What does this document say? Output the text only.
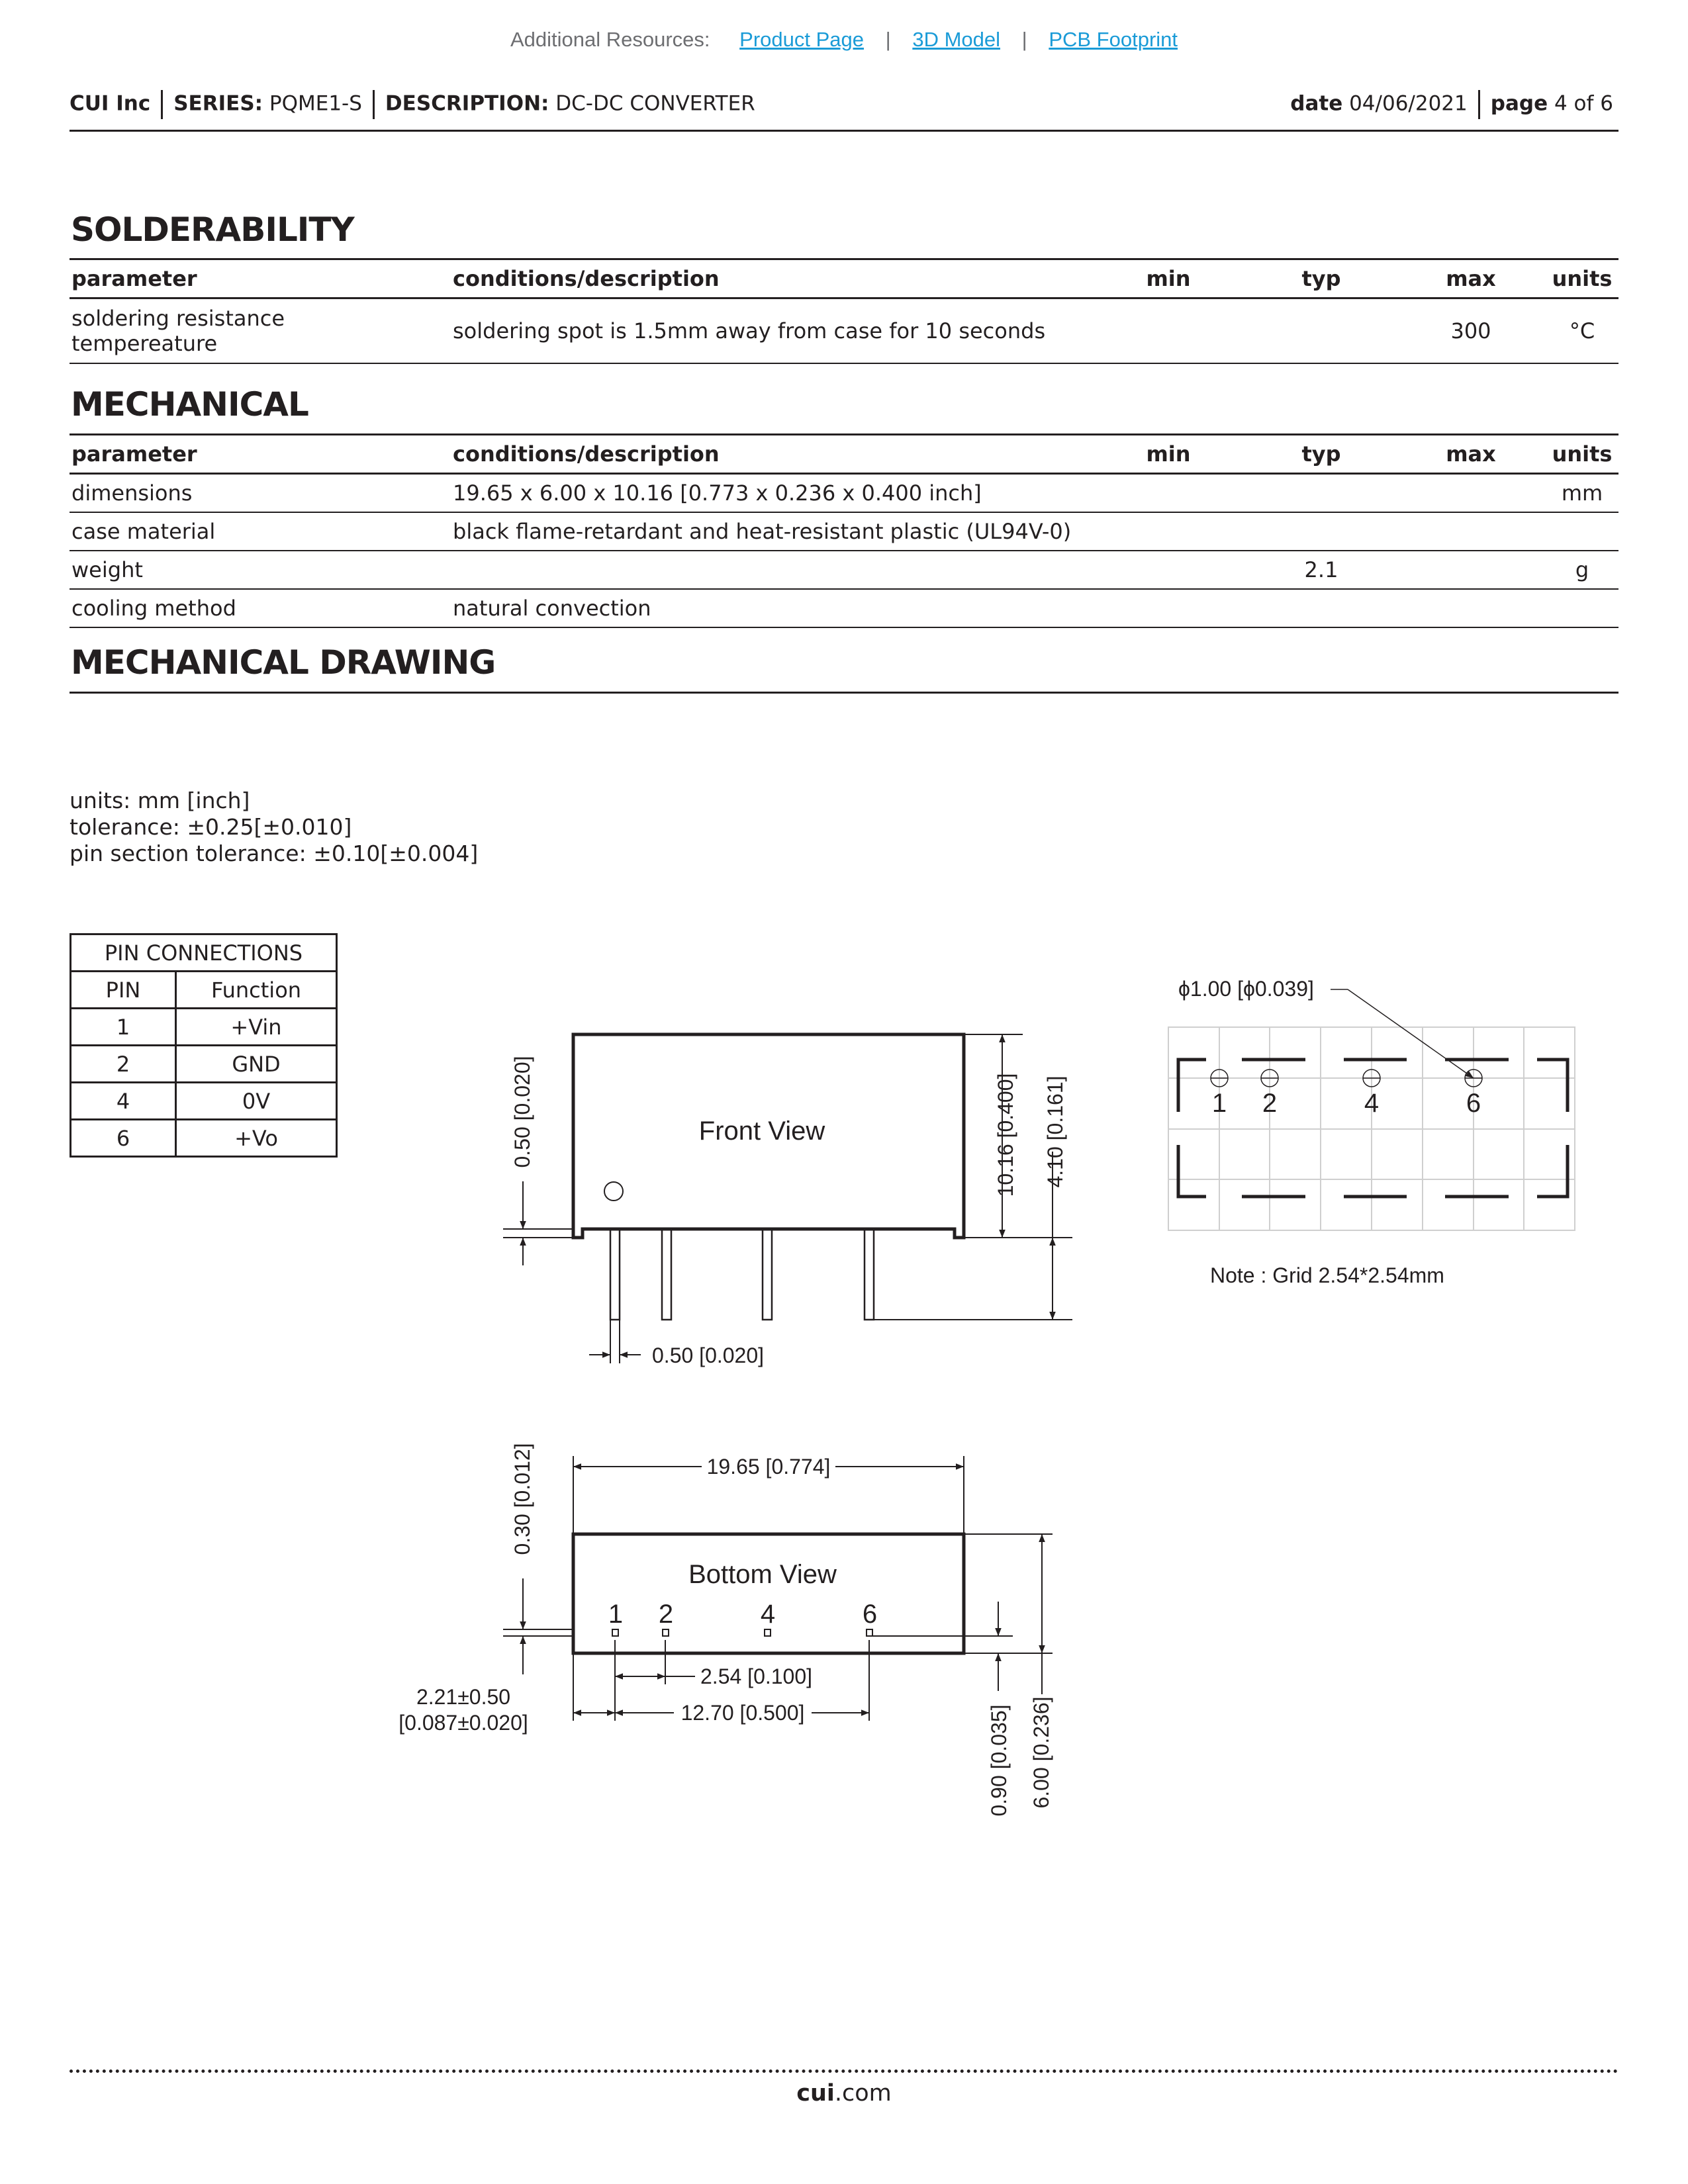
Additional Resources: Product Page | 3D Model | PCB Footprint
CUI Inc SERIES: PQME1-S DESCRIPTION: DC-DC CONVERTER	date 04/06/2021 page 4 of 6
SOLDERABILITY
parameter	conditions/description	min	typ	max	units
soldering resistance
tempereature	soldering spot is 1.5mm away from case for 10 seconds			300	°C
MECHANICAL
parameter	conditions/description	min	typ	max	units
dimensions	19.65 x 6.00 x 10.16 [0.773 x 0.236 x 0.400 inch]				mm
case material	black flame-retardant and heat-resistant plastic (UL94V-0)				
weight			2.1		g
cooling method	natural convection				
MECHANICAL DRAWING
units: mm [inch]
tolerance: ±0.25[±0.010]
pin section tolerance: ±0.10[±0.004]
PIN CONNECTIONS	
PIN	Function
1	+Vin
2	GND
4	0V
6	+Vo	Front View
0.50 [0.020]	10.16 [0.400] 4.10 [0.161]
0.50 [0.020]
ϕ1.00 [ϕ0.039]
1 2	4	6
Note : Grid 2.54*2.54mm
Bottom View
1 2	4	6
19.65 [0.774]
0.30 [0.012]
2.54 [0.100]
12.70 [0.500]
2.21±0.50
[0.087±0.020]	0.90 [0.035] 6.00 [0.236]
cui.com
